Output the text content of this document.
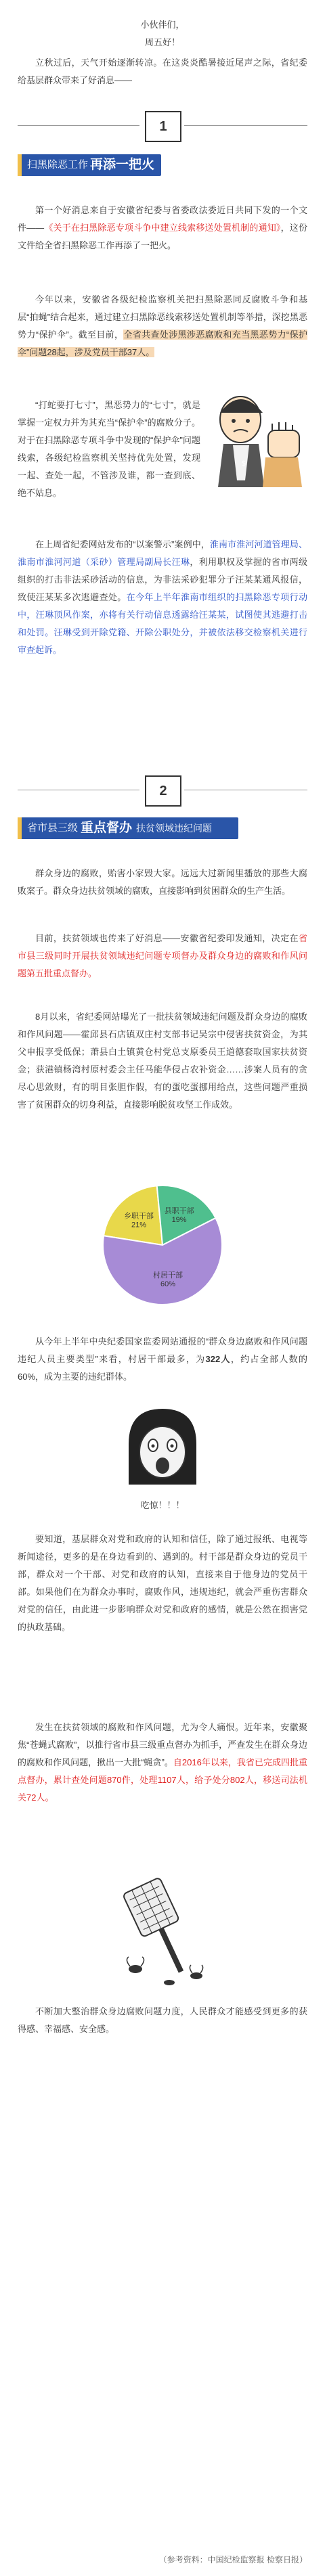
小伙伴们，
周五好！
立秋过后，天气开始逐渐转凉。在这炎炎酷暑接近尾声之际，省纪委给基层群众带来了好消息——
1
扫黑除恶工作 再添一把火
第一个好消息来自于安徽省纪委与省委政法委近日共同下发的一个文件——《关于在扫黑除恶专项斗争中建立线索移送处置机制的通知》，这份文件给全省扫黑除恶工作再添了一把火。
今年以来，安徽省各级纪检监察机关把扫黑除恶同反腐败斗争和基层“拍蝇”结合起来，通过建立扫黑除恶线索移送处置机制等举措，深挖黑恶势力“保护伞”。截至目前，全省共查处涉黑涉恶腐败和充当黑恶势力“保护伞”问题28起，涉及党员干部37人。
$
“打蛇要打七寸”，黑恶势力的“七寸”，就是掌握一定权力并为其充当“保护伞”的腐败分子。对于在扫黑除恶专项斗争中发现的“保护伞”问题线索，各级纪检监察机关坚持优先处置，发现一起、查处一起，不管涉及谁，都一查到底、绝不姑息。
在上周省纪委网站发布的“以案警示”案例中，淮南市淮河河道管理局、淮南市淮河河道（采砂）管理局副局长汪琳，利用职权及掌握的省市两级组织的打击非法采砂活动的信息，为非法采砂犯罪分子汪某某通风报信，致使汪某某多次逃避查处。在今年上半年淮南市组织的扫黑除恶专项行动中，汪琳顶风作案，亦将有关行动信息透露给汪某某，试图使其逃避打击和处罚。汪琳受到开除党籍、开除公职处分，并被依法移交检察机关进行审查起诉。
2
省市县三级 重点督办 扶贫领域违纪问题
群众身边的腐败，贻害小家毁大家。远远大过新闻里播放的那些大腐败案子。群众身边扶贫领域的腐败，直接影响到贫困群众的生产生活。
目前，扶贫领域也传来了好消息——安徽省纪委印发通知，决定在省市县三级同时开展扶贫领域违纪问题专项督办及群众身边的腐败和作风问题第五批重点督办。
8月以来，省纪委网站曝光了一批扶贫领域违纪问题及群众身边的腐败和作风问题——霍邱县石店镇双庄村支部书记吴宗中侵害扶贫资金，为其父申报享受低保；萧县白土镇黄仓村党总支原委员王道德套取国家扶贫资金；获港镇杨湾村原村委会主任马能华侵占农补资金……涉案人员有的贪尽心思敛财，有的明目张胆作假，有的蛋吃蛋挪用给点，这些问题严重损害了贫困群众的切身利益，直接影响脱贫攻坚工作成效。
乡职干部
21%
县职干部
19%
村居干部
60%
从今年上半年中央纪委国家监委网站通报的“群众身边腐败和作风问题违纪人员主要类型”来看，村居干部最多，为322人，约占全部人数的60%，成为主要的违纪群体。
吃惊！！！
要知道，基层群众对党和政府的认知和信任，除了通过报纸、电视等新闻途径，更多的是在身边看到的、遇到的。村干部是群众身边的党员干部，群众对一个干部、对党和政府的认知，直接来自于他身边的党员干部。如果他们在为群众办事时，腐败作风，违规违纪，就会严重伤害群众对党的信任，由此进一步影响群众对党和政府的感情，就是公然在损害党的执政基础。
发生在扶贫领域的腐败和作风问题，尤为令人痛恨。近年来，安徽聚焦“苍蝇式腐败”，以推行省市县三级重点督办为抓手，严查发生在群众身边的腐败和作风问题，揪出一大批“蝇贪”。自2016年以来，我省已完成四批重点督办，累计查处问题870件，处理1107人，给予处分802人，移送司法机关72人。
不断加大整治群众身边腐败问题力度，人民群众才能感受到更多的获得感、幸福感、安全感。
（参考资料：中国纪检监察报 检察日报）
